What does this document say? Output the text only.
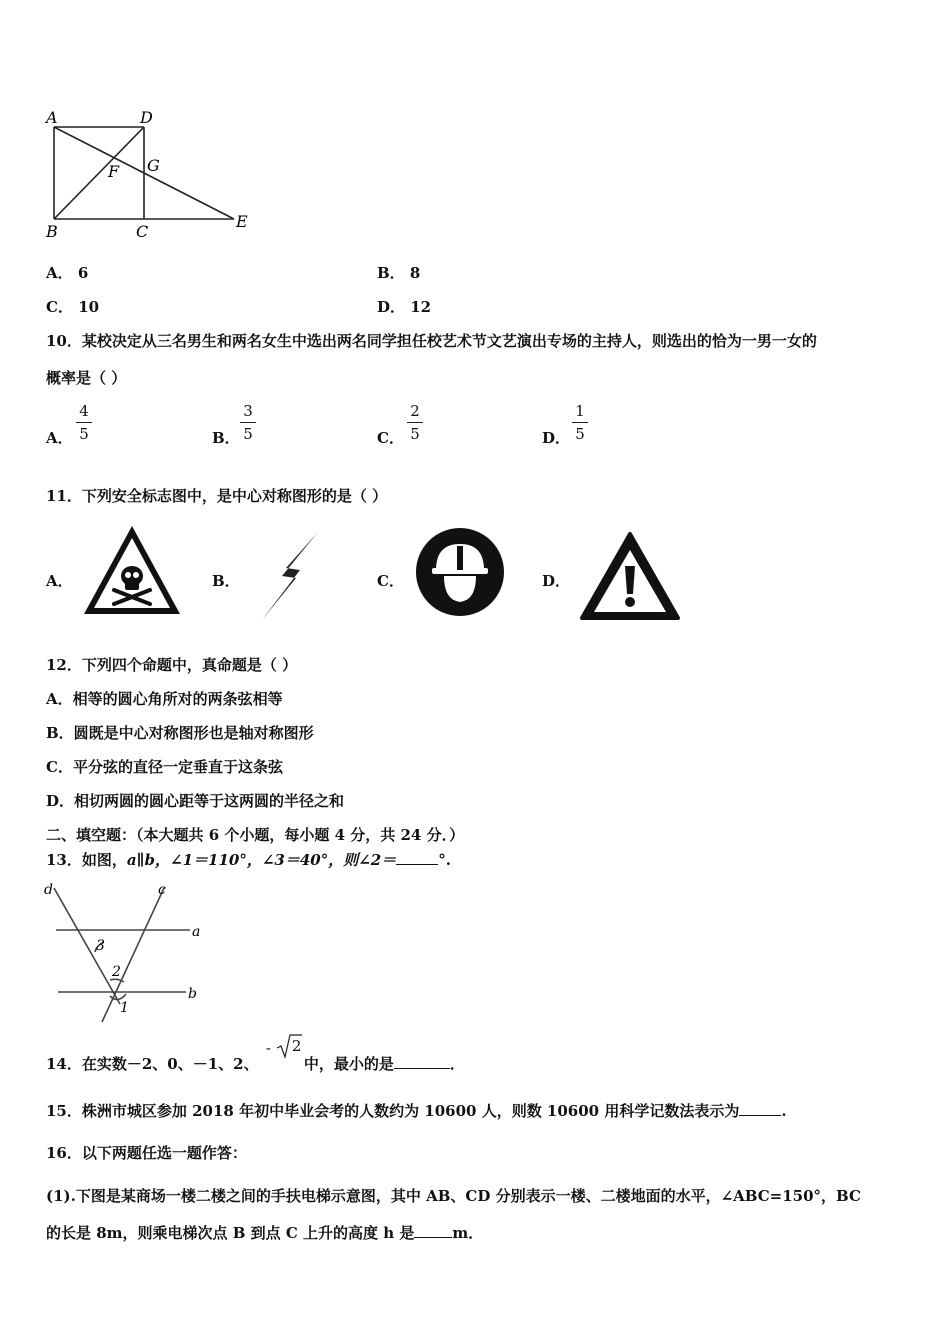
A	D
F G
B	C
E
A． 6	B． 8
C． 10	D． 12
10．某校决定从三名男生和两名女生中选出两名同学担任校艺术节文艺演出专场的主持人，则选出的恰为一男一女的
概率是（ ）
A．
4
5	B．
3
5	C．
2
5	D．
1
5
11．下列安全标志图中，是中心对称图形的是（ ）
A．	B．	C．	D．
12．下列四个命题中，真命题是（ ）
A．相等的圆心角所对的两条弦相等
B．圆既是中心对称图形也是轴对称图形
C．平分弦的直径一定垂直于这条弦
D．相切两圆的圆心距等于这两圆的半径之和
二、填空题：（本大题共 6 个小题，每小题 4 分，共 24 分．）
13．如图，a∥b，∠1＝110°，∠3＝40°，则∠2＝	°.
d	c
a
b
3
2
1
14．在实数－2、0、－1、2、
- 2
中，最小的是	．
15．株洲市城区参加 2018 年初中毕业会考的人数约为 10600 人，则数 10600 用科学记数法表示为	.
16．以下两题任选一题作答：
(1).下图是某商场一楼二楼之间的手扶电梯示意图，其中 AB、CD 分别表示一楼、二楼地面的水平，∠ABC=150°，BC
的长是 8m，则乘电梯次点 B 到点 C 上升的高度 h 是	m．
